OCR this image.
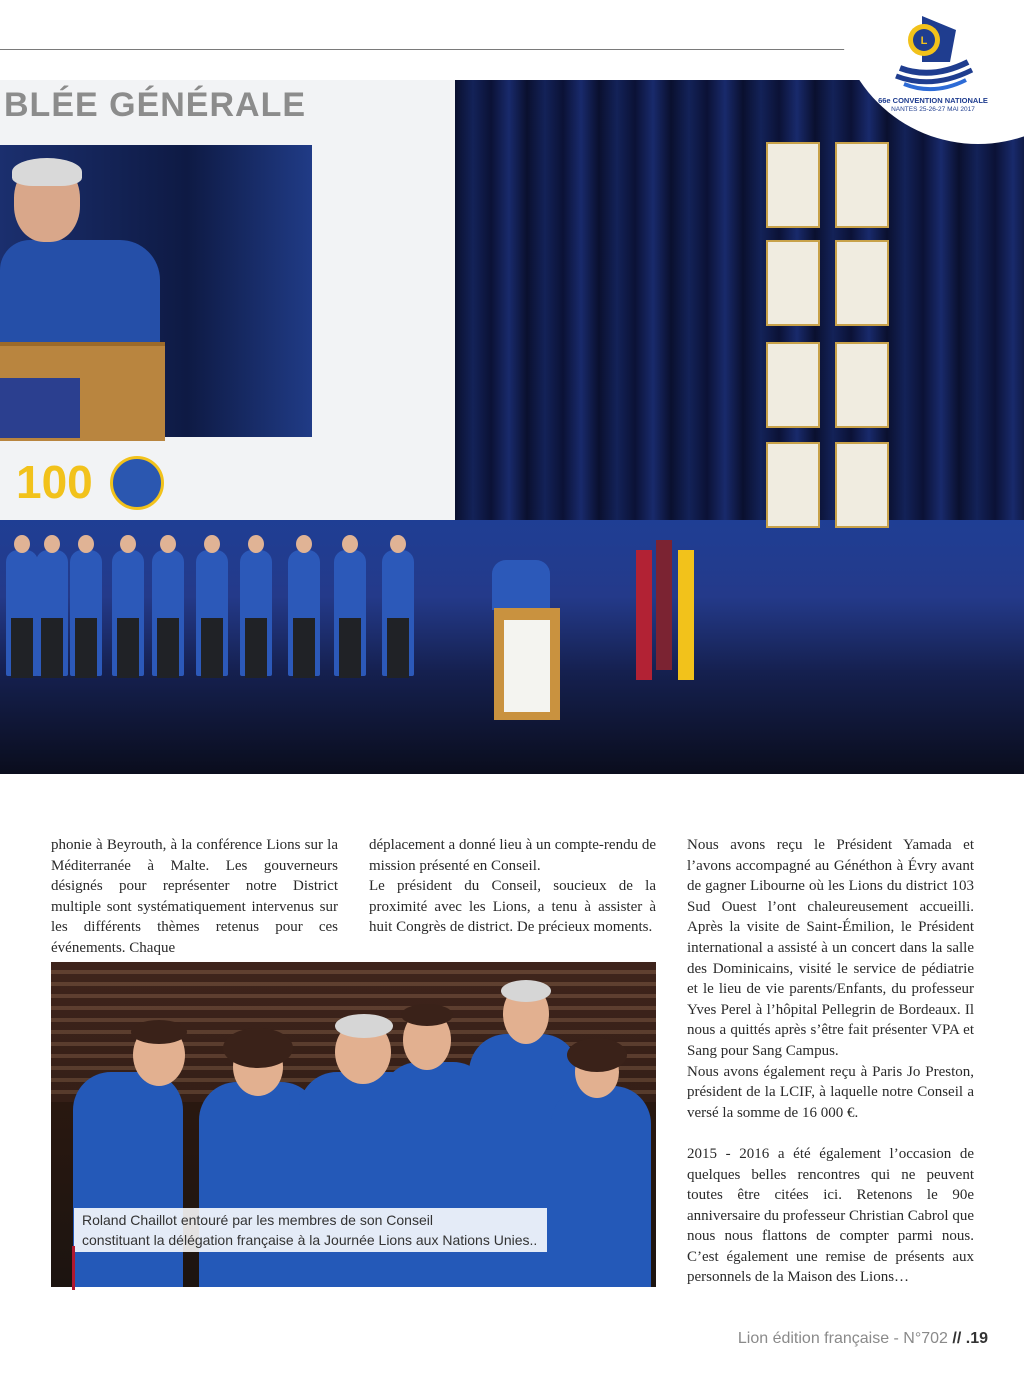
L
66e CONVENTION NATIONALE
NANTES 25-26-27 MAI 2017
BLÉE GÉNÉRALE
100

phonie à Beyrouth, à la conférence Lions sur la Méditerranée à Malte. Les gouverneurs désignés pour représenter notre District multiple sont systématiquement intervenus sur les différents thèmes retenus pour ces événements. Chaque

déplacement a donné lieu à un compte-rendu de mission présenté en Conseil.

Le président du Conseil, soucieux de la proximité avec les Lions, a tenu à assister à huit Congrès de district. De précieux moments.

Nous avons reçu le Président Yamada et l’avons accompagné au Généthon à Évry avant de gagner Libourne où les Lions du district 103 Sud Ouest l’ont chaleureusement accueilli. Après la visite de Saint-Émilion, le Président international a assisté à un concert dans la salle des Dominicains, visité le service de pédiatrie et le lieu de vie parents/Enfants, du professeur Yves Perel à l’hôpital Pellegrin de Bordeaux. Il nous a quittés après s’être fait présenter VPA et Sang pour Sang Campus.

Nous avons également reçu à Paris Jo Preston, président de la LCIF, à laquelle notre Conseil a versé la somme de 16 000 €.

2015 - 2016 a été également l’occasion de quelques belles rencontres qui ne peuvent toutes être citées ici. Retenons le 90e anniversaire du professeur Christian Cabrol que nous nous flattons de compter parmi nous. C’est également une remise de présents aux personnels de la Maison des Lions…

Roland Chaillot entouré par les membres de son Conseil
constituant la délégation française à la Journée Lions aux Nations Unies..
Lion édition française - N°702 // .19
